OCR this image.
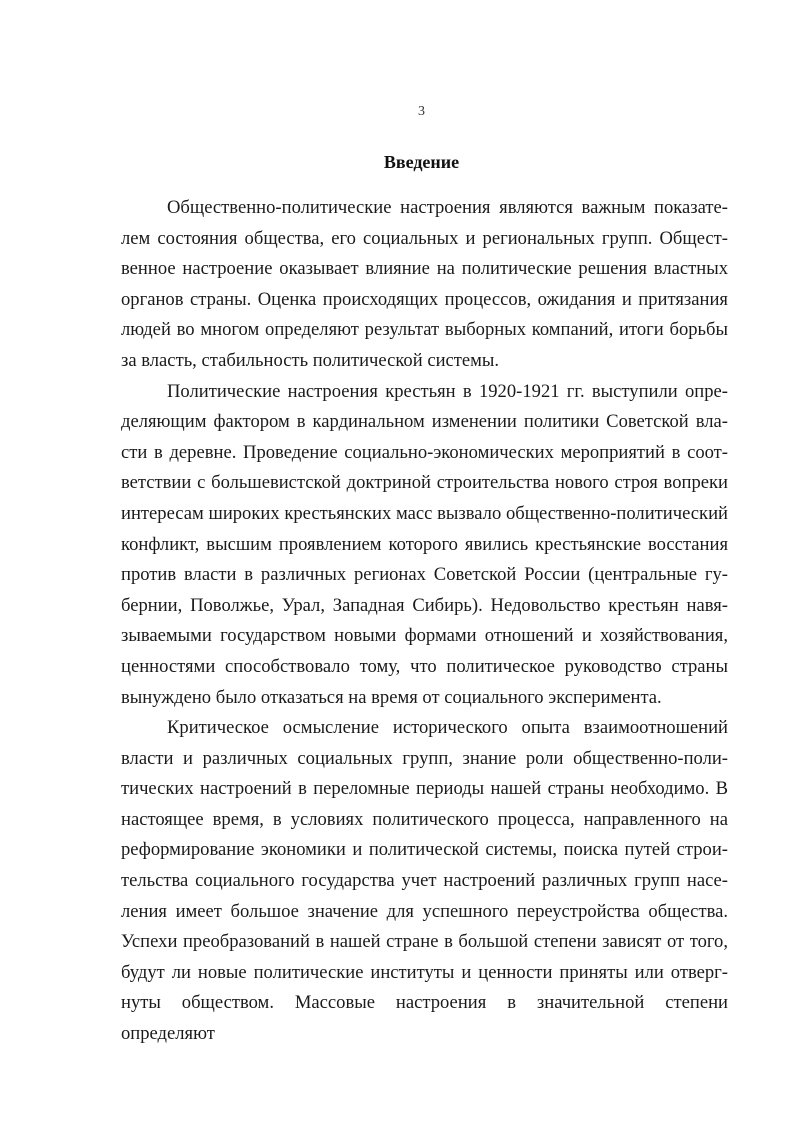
3
Введение
Общественно-политические настроения являются важным показате-
лем состояния общества, его социальных и региональных групп. Общест-
венное настроение оказывает влияние на политические решения властных
органов страны. Оценка происходящих процессов, ожидания и притязания
людей во многом определяют результат выборных компаний, итоги борьбы
за власть, стабильность политической системы.
Политические настроения крестьян в 1920-1921 гг. выступили опре-
деляющим фактором в кардинальном изменении политики Советской вла-
сти в деревне. Проведение социально-экономических мероприятий в соот-
ветствии с большевистской доктриной строительства нового строя вопреки
интересам широких крестьянских масс вызвало общественно-политический
конфликт, высшим проявлением которого явились крестьянские восстания
против власти в различных регионах Советской России (центральные гу-
бернии, Поволжье, Урал, Западная Сибирь). Недовольство крестьян навя-
зываемыми государством новыми формами отношений и хозяйствования,
ценностями способствовало тому, что политическое руководство страны
вынуждено было отказаться на время от социального эксперимента.
Критическое осмысление исторического опыта взаимоотношений
власти и различных социальных групп, знание роли общественно-поли-
тических настроений в переломные периоды нашей страны необходимо. В
настоящее время, в условиях политического процесса, направленного на
реформирование экономики и политической системы, поиска путей строи-
тельства социального государства учет настроений различных групп насе-
ления имеет большое значение для успешного переустройства общества.
Успехи преобразований в нашей стране в большой степени зависят от того,
будут ли новые политические институты и ценности приняты или отверг-
нуты обществом. Массовые настроения в значительной степени определяют
